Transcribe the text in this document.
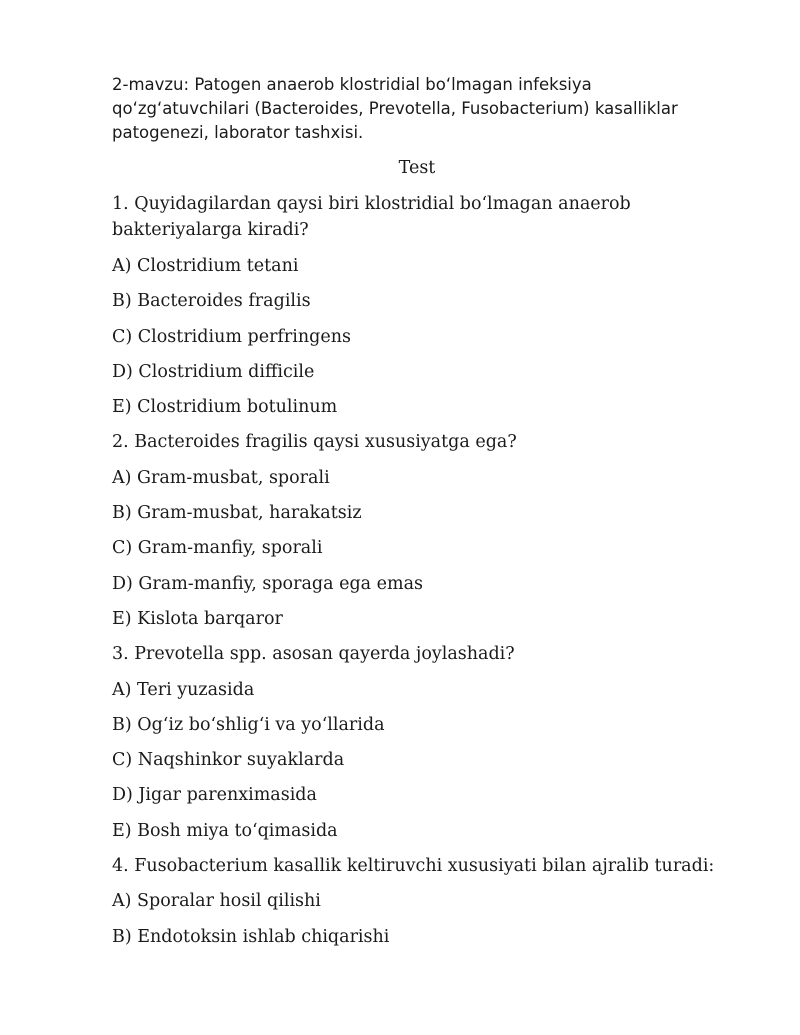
2-mavzu: Patogen anaerob klostridial bo‘lmagan infeksiya qo‘zg‘atuvchilari (Bacteroides, Prevotella, Fusobacterium) kasalliklar patogenezi, laborator tashxisi.

Test

1. Quyidagilardan qaysi biri klostridial bo‘lmagan anaerob bakteriyalarga kiradi?

A) Clostridium tetani

B) Bacteroides fragilis

C) Clostridium perfringens

D) Clostridium difficile

E) Clostridium botulinum

2. Bacteroides fragilis qaysi xususiyatga ega?

A) Gram-musbat, sporali

B) Gram-musbat, harakatsiz

C) Gram-manfiy, sporali

D) Gram-manfiy, sporaga ega emas

E) Kislota barqaror

3. Prevotella spp. asosan qayerda joylashadi?

A) Teri yuzasida

B) Og‘iz bo‘shlig‘i va yo‘llarida

C) Naqshinkor suyaklarda

D) Jigar parenximasida

E) Bosh miya to‘qimasida

4. Fusobacterium kasallik keltiruvchi xususiyati bilan ajralib turadi:

A) Sporalar hosil qilishi

B) Endotoksin ishlab chiqarishi
